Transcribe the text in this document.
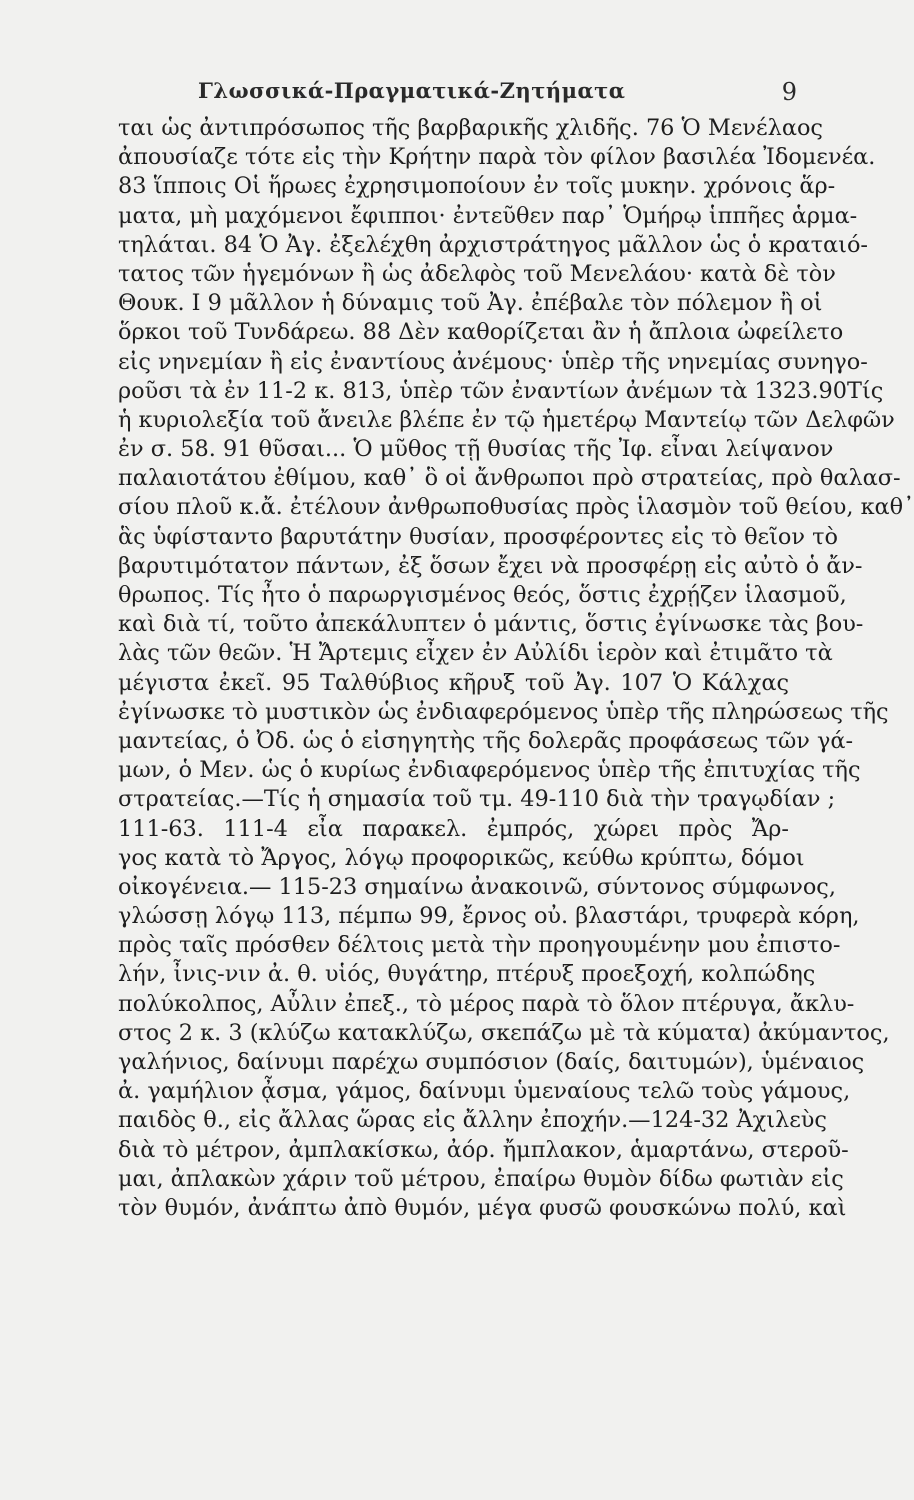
Γλωσσικά-Πραγματικά-Ζητήματα	9
ται ὡς ἀντιπρόσωπος τῆς βαρβαρικῆς χλιδῆς. 76 Ὁ Μενέλαος
ἀπουσίαζε τότε εἰς τὴν Κρήτην παρὰ τὸν φίλον βασιλέα Ἰδομενέα.
83 ἵπποις Οἱ ἥρωες ἐχρησιμοποίουν ἐν τοῖς μυκην. χρόνοις ἅρ-
ματα, μὴ μαχόμενοι ἔφιπποι· ἐντεῦθεν παρ᾽ Ὁμήρῳ ἱππῆες ἁρμα-
τηλάται. 84 Ὁ Ἀγ. ἐξελέχθη ἀρχιστράτηγος μᾶλλον ὡς ὁ κραταιό-
τατος τῶν ἡγεμόνων ἢ ὡς ἀδελφὸς τοῦ Μενελάου· κατὰ δὲ τὸν
Θουκ. Ι 9 μᾶλλον ἡ δύναμις τοῦ Ἀγ. ἐπέβαλε τὸν πόλεμον ἢ οἱ
ὅρκοι τοῦ Τυνδάρεω. 88 Δὲν καθορίζεται ἂν ἡ ἄπλοια ὠφείλετο
εἰς νηνεμίαν ἢ εἰς ἐναντίους ἀνέμους· ὑπὲρ τῆς νηνεμίας συνηγο-
ροῦσι τὰ ἐν 11-2 κ. 813, ὑπὲρ τῶν ἐναντίων ἀνέμων τὰ 1323.90Τίς
ἡ κυριολεξία τοῦ ἄνειλε βλέπε ἐν τῷ ἡμετέρῳ Μαντείῳ τῶν Δελφῶν
ἐν σ. 58. 91 θῦσαι... Ὁ μῦθος τῇ θυσίας τῆς Ἰφ. εἶναι λείψανον
παλαιοτάτου ἐθίμου, καθ᾽ ὃ οἱ ἄνθρωποι πρὸ στρατείας, πρὸ θαλασ-
σίου πλοῦ κ.ἄ. ἐτέλουν ἀνθρωποθυσίας πρὸς ἱλασμὸν τοῦ θείου, καθ᾽
ἃς ὑφίσταντο βαρυτάτην θυσίαν, προσφέροντες εἰς τὸ θεῖον τὸ
βαρυτιμότατον πάντων, ἐξ ὅσων ἔχει νὰ προσφέρῃ εἰς αὐτὸ ὁ ἄν-
θρωπος. Τίς ἦτο ὁ παρωργισμένος θεός, ὅστις ἐχρῄζεν ἱλασμοῦ,
καὶ διὰ τί, τοῦτο ἀπεκάλυπτεν ὁ μάντις, ὅστις ἐγίνωσκε τὰς βου-
λὰς τῶν θεῶν. Ἡ Ἄρτεμις εἶχεν ἐν Αὐλίδι ἱερὸν καὶ ἐτιμᾶτο τὰ
μέγιστα ἐκεῖ. 95 Ταλθύβιος κῆρυξ τοῦ Ἀγ. 107 Ὁ Κάλχας
ἐγίνωσκε τὸ μυστικὸν ὡς ἐνδιαφερόμενος ὑπὲρ τῆς πληρώσεως τῆς
μαντείας, ὁ Ὀδ. ὡς ὁ εἰσηγητὴς τῆς δολερᾶς προφάσεως τῶν γά-
μων, ὁ Μεν. ὡς ὁ κυρίως ἐνδιαφερόμενος ὑπὲρ τῆς ἐπιτυχίας τῆς
στρατείας.—Τίς ἡ σημασία τοῦ τμ. 49-110 διὰ τὴν τραγῳδίαν ;
111-63. 111-4 εἶα παρακελ. ἐμπρός, χώρει πρὸς Ἄρ-
γος κατὰ τὸ Ἄργος, λόγῳ προφορικῶς, κεύθω κρύπτω, δόμοι
οἰκογένεια.— 115-23 σημαίνω ἀνακοινῶ, σύντονος σύμφωνος,
γλώσσῃ λόγῳ 113, πέμπω 99, ἔρνος οὐ. βλαστάρι, τρυφερὰ κόρη,
πρὸς ταῖς πρόσθεν δέλτοις μετὰ τὴν προηγουμένην μου ἐπιστο-
λήν, ἶνις-νιν ἀ. θ. υἱός, θυγάτηρ, πτέρυξ προεξοχή, κολπώδης
πολύκολπος, Αὖλιν ἐπεξ., τὸ μέρος παρὰ τὸ ὅλον πτέρυγα, ἄκλυ-
στος 2 κ. 3 (κλύζω κατακλύζω, σκεπάζω μὲ τὰ κύματα) ἀκύμαντος,
γαλήνιος, δαίνυμι παρέχω συμπόσιον (δαίς, δαιτυμών), ὑμέναιος
ἀ. γαμήλιον ᾆσμα, γάμος, δαίνυμι ὑμεναίους τελῶ τοὺς γάμους,
παιδὸς θ., εἰς ἄλλας ὥρας εἰς ἄλλην ἐποχήν.—124-32 Ἀχιλεὺς
διὰ τὸ μέτρον, ἀμπλακίσκω, ἀόρ. ἤμπλακον, ἁμαρτάνω, στεροῦ-
μαι, ἀπλακὼν χάριν τοῦ μέτρου, ἐπαίρω θυμὸν δίδω φωτιὰν εἰς
τὸν θυμόν, ἀνάπτω ἀπὸ θυμόν, μέγα φυσῶ φουσκώνω πολύ, καὶ
